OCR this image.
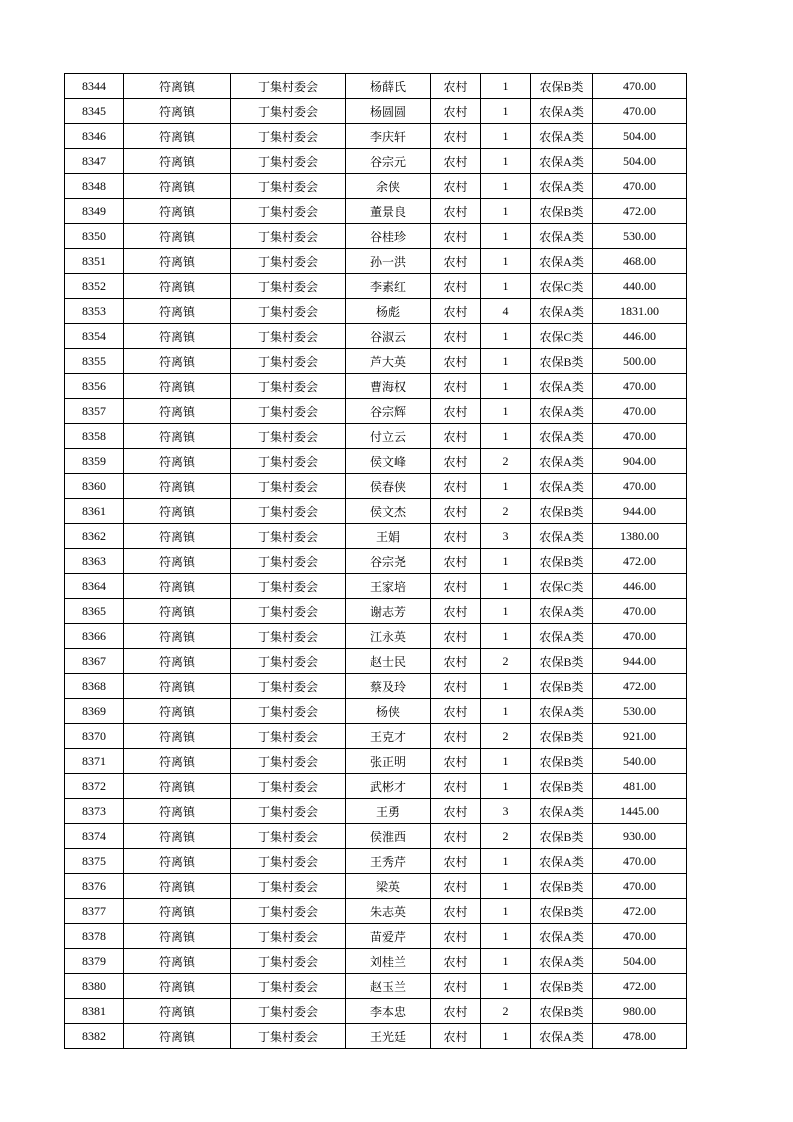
8344	符离镇	丁集村委会	杨薛氏	农村	1	农保B类	470.00
8345	符离镇	丁集村委会	杨圆圆	农村	1	农保A类	470.00
8346	符离镇	丁集村委会	李庆轩	农村	1	农保A类	504.00
8347	符离镇	丁集村委会	谷宗元	农村	1	农保A类	504.00
8348	符离镇	丁集村委会	余侠	农村	1	农保A类	470.00
8349	符离镇	丁集村委会	董景良	农村	1	农保B类	472.00
8350	符离镇	丁集村委会	谷桂珍	农村	1	农保A类	530.00
8351	符离镇	丁集村委会	孙一洪	农村	1	农保A类	468.00
8352	符离镇	丁集村委会	李素红	农村	1	农保C类	440.00
8353	符离镇	丁集村委会	杨彪	农村	4	农保A类	1831.00
8354	符离镇	丁集村委会	谷淑云	农村	1	农保C类	446.00
8355	符离镇	丁集村委会	芦大英	农村	1	农保B类	500.00
8356	符离镇	丁集村委会	曹海权	农村	1	农保A类	470.00
8357	符离镇	丁集村委会	谷宗辉	农村	1	农保A类	470.00
8358	符离镇	丁集村委会	付立云	农村	1	农保A类	470.00
8359	符离镇	丁集村委会	侯文峰	农村	2	农保A类	904.00
8360	符离镇	丁集村委会	侯春侠	农村	1	农保A类	470.00
8361	符离镇	丁集村委会	侯文杰	农村	2	农保B类	944.00
8362	符离镇	丁集村委会	王娟	农村	3	农保A类	1380.00
8363	符离镇	丁集村委会	谷宗尧	农村	1	农保B类	472.00
8364	符离镇	丁集村委会	王家培	农村	1	农保C类	446.00
8365	符离镇	丁集村委会	谢志芳	农村	1	农保A类	470.00
8366	符离镇	丁集村委会	江永英	农村	1	农保A类	470.00
8367	符离镇	丁集村委会	赵士民	农村	2	农保B类	944.00
8368	符离镇	丁集村委会	蔡及玲	农村	1	农保B类	472.00
8369	符离镇	丁集村委会	杨侠	农村	1	农保A类	530.00
8370	符离镇	丁集村委会	王克才	农村	2	农保B类	921.00
8371	符离镇	丁集村委会	张正明	农村	1	农保B类	540.00
8372	符离镇	丁集村委会	武彬才	农村	1	农保B类	481.00
8373	符离镇	丁集村委会	王勇	农村	3	农保A类	1445.00
8374	符离镇	丁集村委会	侯淮西	农村	2	农保B类	930.00
8375	符离镇	丁集村委会	王秀芹	农村	1	农保A类	470.00
8376	符离镇	丁集村委会	梁英	农村	1	农保B类	470.00
8377	符离镇	丁集村委会	朱志英	农村	1	农保B类	472.00
8378	符离镇	丁集村委会	苗爱芹	农村	1	农保A类	470.00
8379	符离镇	丁集村委会	刘桂兰	农村	1	农保A类	504.00
8380	符离镇	丁集村委会	赵玉兰	农村	1	农保B类	472.00
8381	符离镇	丁集村委会	李本忠	农村	2	农保B类	980.00
8382	符离镇	丁集村委会	王光廷	农村	1	农保A类	478.00
